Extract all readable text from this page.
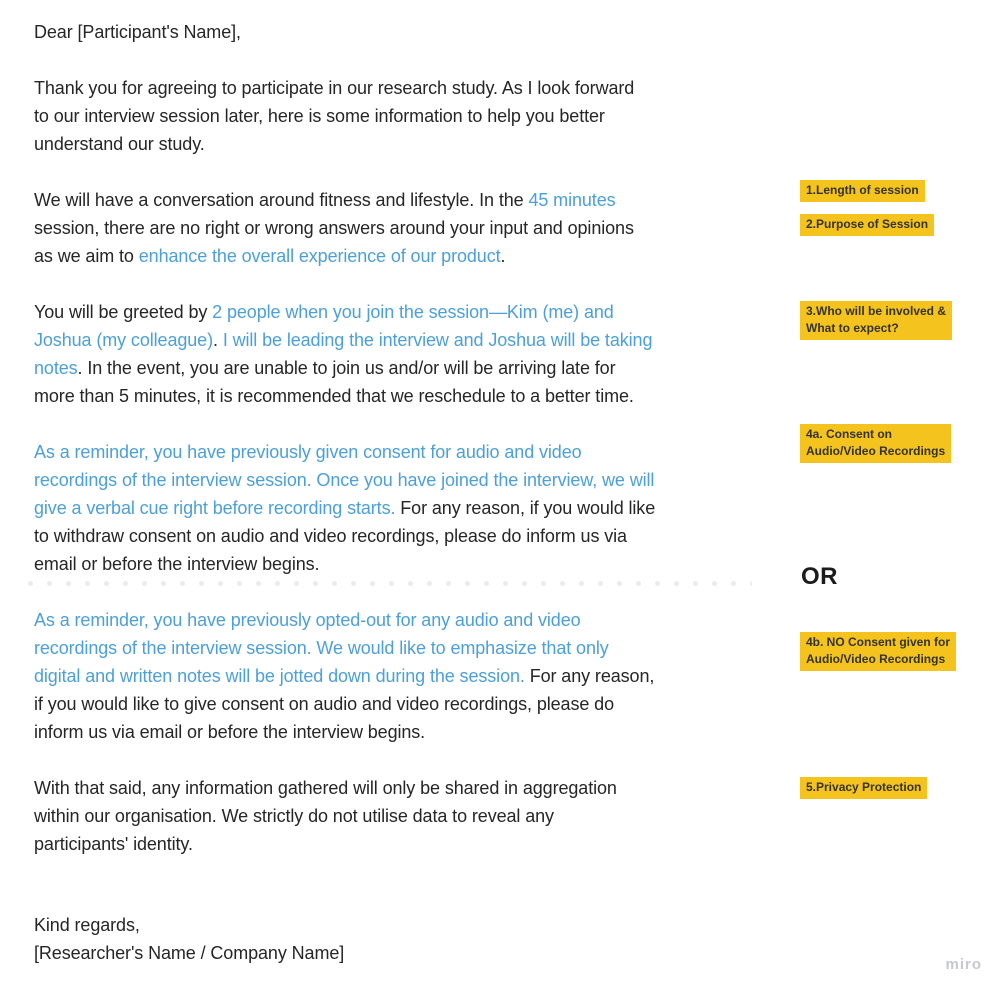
Dear [Participant's Name],
Thank you for agreeing to participate in our research study. As I look forward
to our interview session later, here is some information to help you better
understand our study.
We will have a conversation around fitness and lifestyle. In the 45 minutes
session, there are no right or wrong answers around your input and opinions
as we aim to enhance the overall experience of our product.
You will be greeted by 2 people when you join the session—Kim (me) and
Joshua (my colleague). I will be leading the interview and Joshua will be taking
notes. In the event, you are unable to join us and/or will be arriving late for
more than 5 minutes, it is recommended that we reschedule to a better time.
As a reminder, you have previously given consent for audio and video
recordings of the interview session. Once you have joined the interview, we will
give a verbal cue right before recording starts. For any reason, if you would like
to withdraw consent on audio and video recordings, please do inform us via
email or before the interview begins.
As a reminder, you have previously opted-out for any audio and video
recordings of the interview session. We would like to emphasize that only
digital and written notes will be jotted down during the session. For any reason,
if you would like to give consent on audio and video recordings, please do
inform us via email or before the interview begins.
With that said, any information gathered will only be shared in aggregation
within our organisation. We strictly do not utilise data to reveal any
participants' identity.
Kind regards,
[Researcher's Name / Company Name]
1.Length of session
2.Purpose of Session
3.Who will be involved &
What to expect?
4a. Consent on
Audio/Video Recordings
OR
4b. NO Consent given for
Audio/Video Recordings
5.Privacy Protection
miro
